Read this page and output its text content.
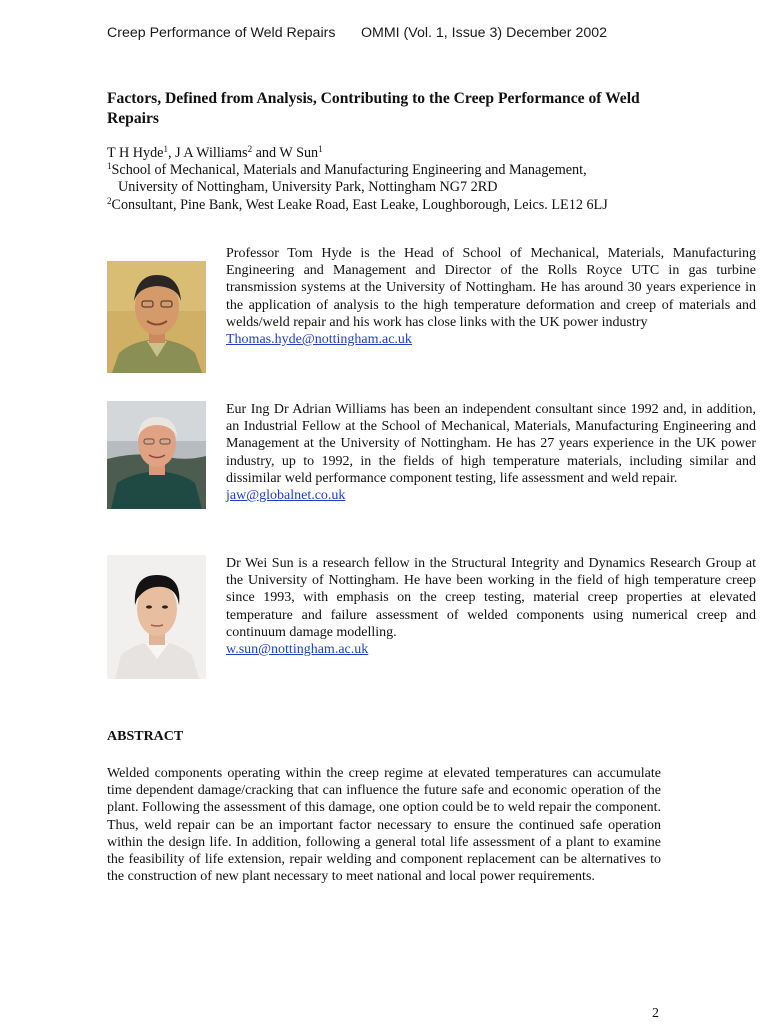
Creep Performance of Weld Repairs OMMI (Vol. 1, Issue 3) December 2002
Factors, Defined from Analysis, Contributing to the Creep Performance of Weld Repairs
T H Hyde$^1$, J A Williams$^2$ and W Sun$^1$
$^1$School of Mechanical, Materials and Manufacturing Engineering and Management,
University of Nottingham, University Park, Nottingham NG7 2RD
$^2$Consultant, Pine Bank, West Leake Road, East Leake, Loughborough, Leics. LE12 6LJ

Professor Tom Hyde is the Head of School of Mechanical, Materials, Manufacturing Engineering and Management and Director of the Rolls Royce UTC in gas turbine transmission systems at the University of Nottingham. He has around 30 years experience in the application of analysis to the high temperature deformation and creep of materials and welds/weld repair and his work has close links with the UK power industry
Thomas.hyde@nottingham.ac.uk

Eur Ing Dr Adrian Williams has been an independent consultant since 1992 and, in addition, an Industrial Fellow at the School of Mechanical, Materials, Manufacturing Engineering and Management at the University of Nottingham. He has 27 years experience in the UK power industry, up to 1992, in the fields of high temperature materials, including similar and dissimilar weld performance component testing, life assessment and weld repair.
jaw@globalnet.co.uk

Dr Wei Sun is a research fellow in the Structural Integrity and Dynamics Research Group at the University of Nottingham. He have been working in the field of high temperature creep since 1993, with emphasis on the creep testing, material creep properties at elevated temperature and failure assessment of welded components using numerical creep and continuum damage modelling.
w.sun@nottingham.ac.uk

ABSTRACT

Welded components operating within the creep regime at elevated temperatures can accumulate time dependent damage/cracking that can influence the future safe and economic operation of the plant. Following the assessment of this damage, one option could be to weld repair the component. Thus, weld repair can be an important factor necessary to ensure the continued safe operation within the design life. In addition, following a general total life assessment of a plant to examine the feasibility of life extension, repair welding and component replacement can be alternatives to the construction of new plant necessary to meet national and local power requirements.

2
